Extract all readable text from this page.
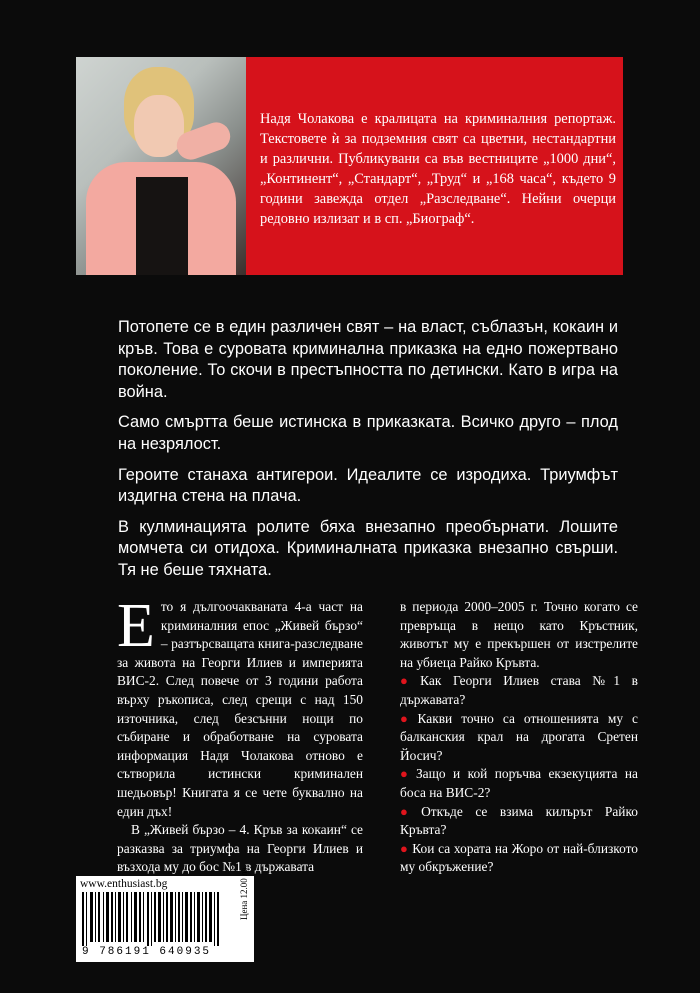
Надя Чолакова е кралицата на криминалния репортаж. Текстовете ѝ за подземния свят са цветни, нестандартни и различни. Публикувани са във вестниците „1000 дни“, „Континент“, „Стандарт“, „Труд“ и „168 часа“, където 9 години завежда отдел „Разследване“. Нейни очерци редовно излизат и в сп. „Биограф“.

Потопете се в един различен свят – на власт, съблазън, кокаин и кръв. Това е суровата криминална приказка на едно пожертвано поколение. То скочи в престъпността по детински. Като в игра на война.

Само смъртта беше истинска в приказката. Всичко друго – плод на незрялост.

Героите станаха антигерои. Идеалите се изродиха. Триумфът издигна стена на плача.

В кулминацията ролите бяха внезапно преобърнати. Лошите момчета си отидоха. Криминалната приказка внезапно свърши. Тя не беше тяхната.

Ето я дългоочакваната 4-а част на криминалния епос „Живей бързо“ – разтърсващата книга-разследване за живота на Георги Илиев и империята ВИС-2. След повече от 3 години работа върху ръкописа, след срещи с над 150 източника, след безсънни нощи по събиране и обработване на суровата информация Надя Чолакова отново е сътворила истински криминален шедьовър! Книгата я се чете буквално на един дъх!

В „Живей бързо – 4. Кръв за кокаин“ се разказва за триумфа на Георги Илиев и възхода му до бос №1 в държавата

в периода 2000–2005 г. Точно когато се превръща в нещо като Кръстник, животът му е прекършен от изстрелите на убиеца Райко Кръвта.

● Как Георги Илиев става №1 в държавата?
● Какви точно са отношенията му с балканския крал на дрогата Сретен Йосич?
● Защо и кой поръчва екзекуцията на боса на ВИС-2?
● Откъде се взима килърът Райко Кръвта?
● Кои са хората на Жоро от най-близкото му обкръжение?
www.enthusiast.bg
9 786191 640935
Цена 12.00 лв.
